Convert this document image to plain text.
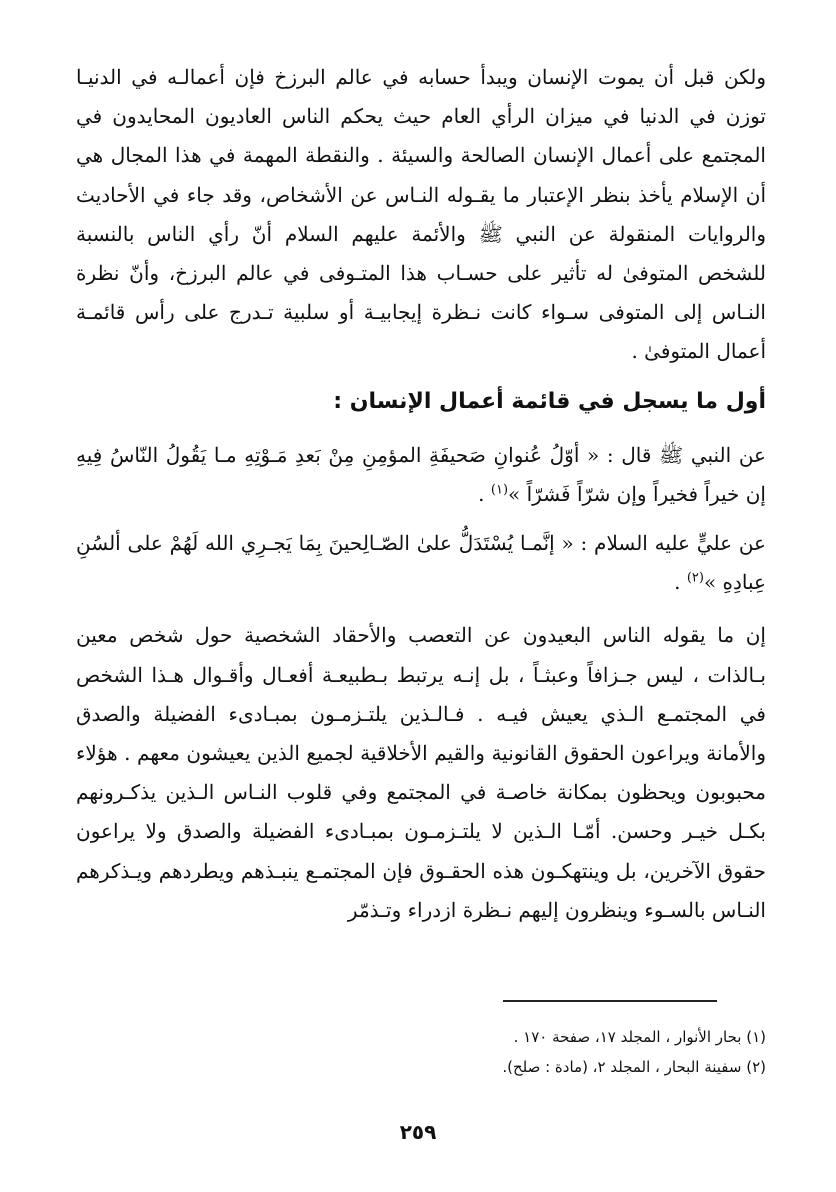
ولكن قبل أن يموت الإنسان ويبدأ حسابه في عالم البرزخ فإن أعمالـه في الدنيـا توزن في الدنيا في ميزان الرأي العام حيث يحكم الناس العاديون المحايدون في المجتمع على أعمال الإنسان الصالحة والسيئة . والنقطة المهمة في هذا المجال هي أن الإسلام يأخذ بنظر الإعتبار ما يقـوله النـاس عن الأشخاص، وقد جاء في الأحاديث والروايات المنقولة عن النبي ﷺ والأئمة عليهم السلام أنّ رأي الناس بالنسبة للشخص المتوفىٰ له تأثير على حسـاب هذا المتـوفى في عالم البرزخ، وأنّ نظرة النـاس إلى المتوفى سـواء كانت نـظرة إيجابيـة أو سلبية تـدرج على رأس قائمـة أعمال المتوفىٰ .

أول ما يسجل في قائمة أعمال الإنسان :

عن النبي ﷺ قال : « أوّلُ عُنوانِ صَحيفَةِ المؤمِنِ مِنْ بَعدِ مَـوْتِهِ مـا يَقُولُ النّاسُ فِيهِ إن خيراً فخيراً وإن شرّاً فَشرّاً »$^{(١)}$ .

عن عليٍّ عليه السلام : « إنَّمـا يُسْتَدَلُّ علىٰ الصّـالِحينَ بِمَا يَجـرِي الله لَهُمْ على ألسُنِ عِبادِهِ »$^{(٢)}$ .

إن ما يقوله الناس البعيدون عن التعصب والأحقاد الشخصية حول شخص معين بـالذات ، ليس جـزافاً وعبثـاً ، بل إنـه يرتبط بـطبيعـة أفعـال وأقـوال هـذا الشخص في المجتمـع الـذي يعيش فيـه . فـالـذين يلتـزمـون بمبـادىء الفضيلة والصدق والأمانة ويراعون الحقوق القانونية والقيم الأخلاقية لجميع الذين يعيشون معهم . هؤلاء محبوبون ويحظون بمكانة خاصـة في المجتمع وفي قلوب النـاس الـذين يذكـرونهم بكـل خيـر وحسن. أمّـا الـذين لا يلتـزمـون بمبـادىء الفضيلة والصدق ولا يراعون حقوق الآخرين، بل وينتهكـون هذه الحقـوق فإن المجتمـع ينبـذهم ويطردهم ويـذكرهم النـاس بالسـوء وينظرون إليهم نـظرة ازدراء وتـذمّر

(١) بحار الأنوار ، المجلد ١٧، صفحة ١٧٠ .
(٢) سفينة البحار ، المجلد ٢، (مادة : صلح).
٢٥٩
